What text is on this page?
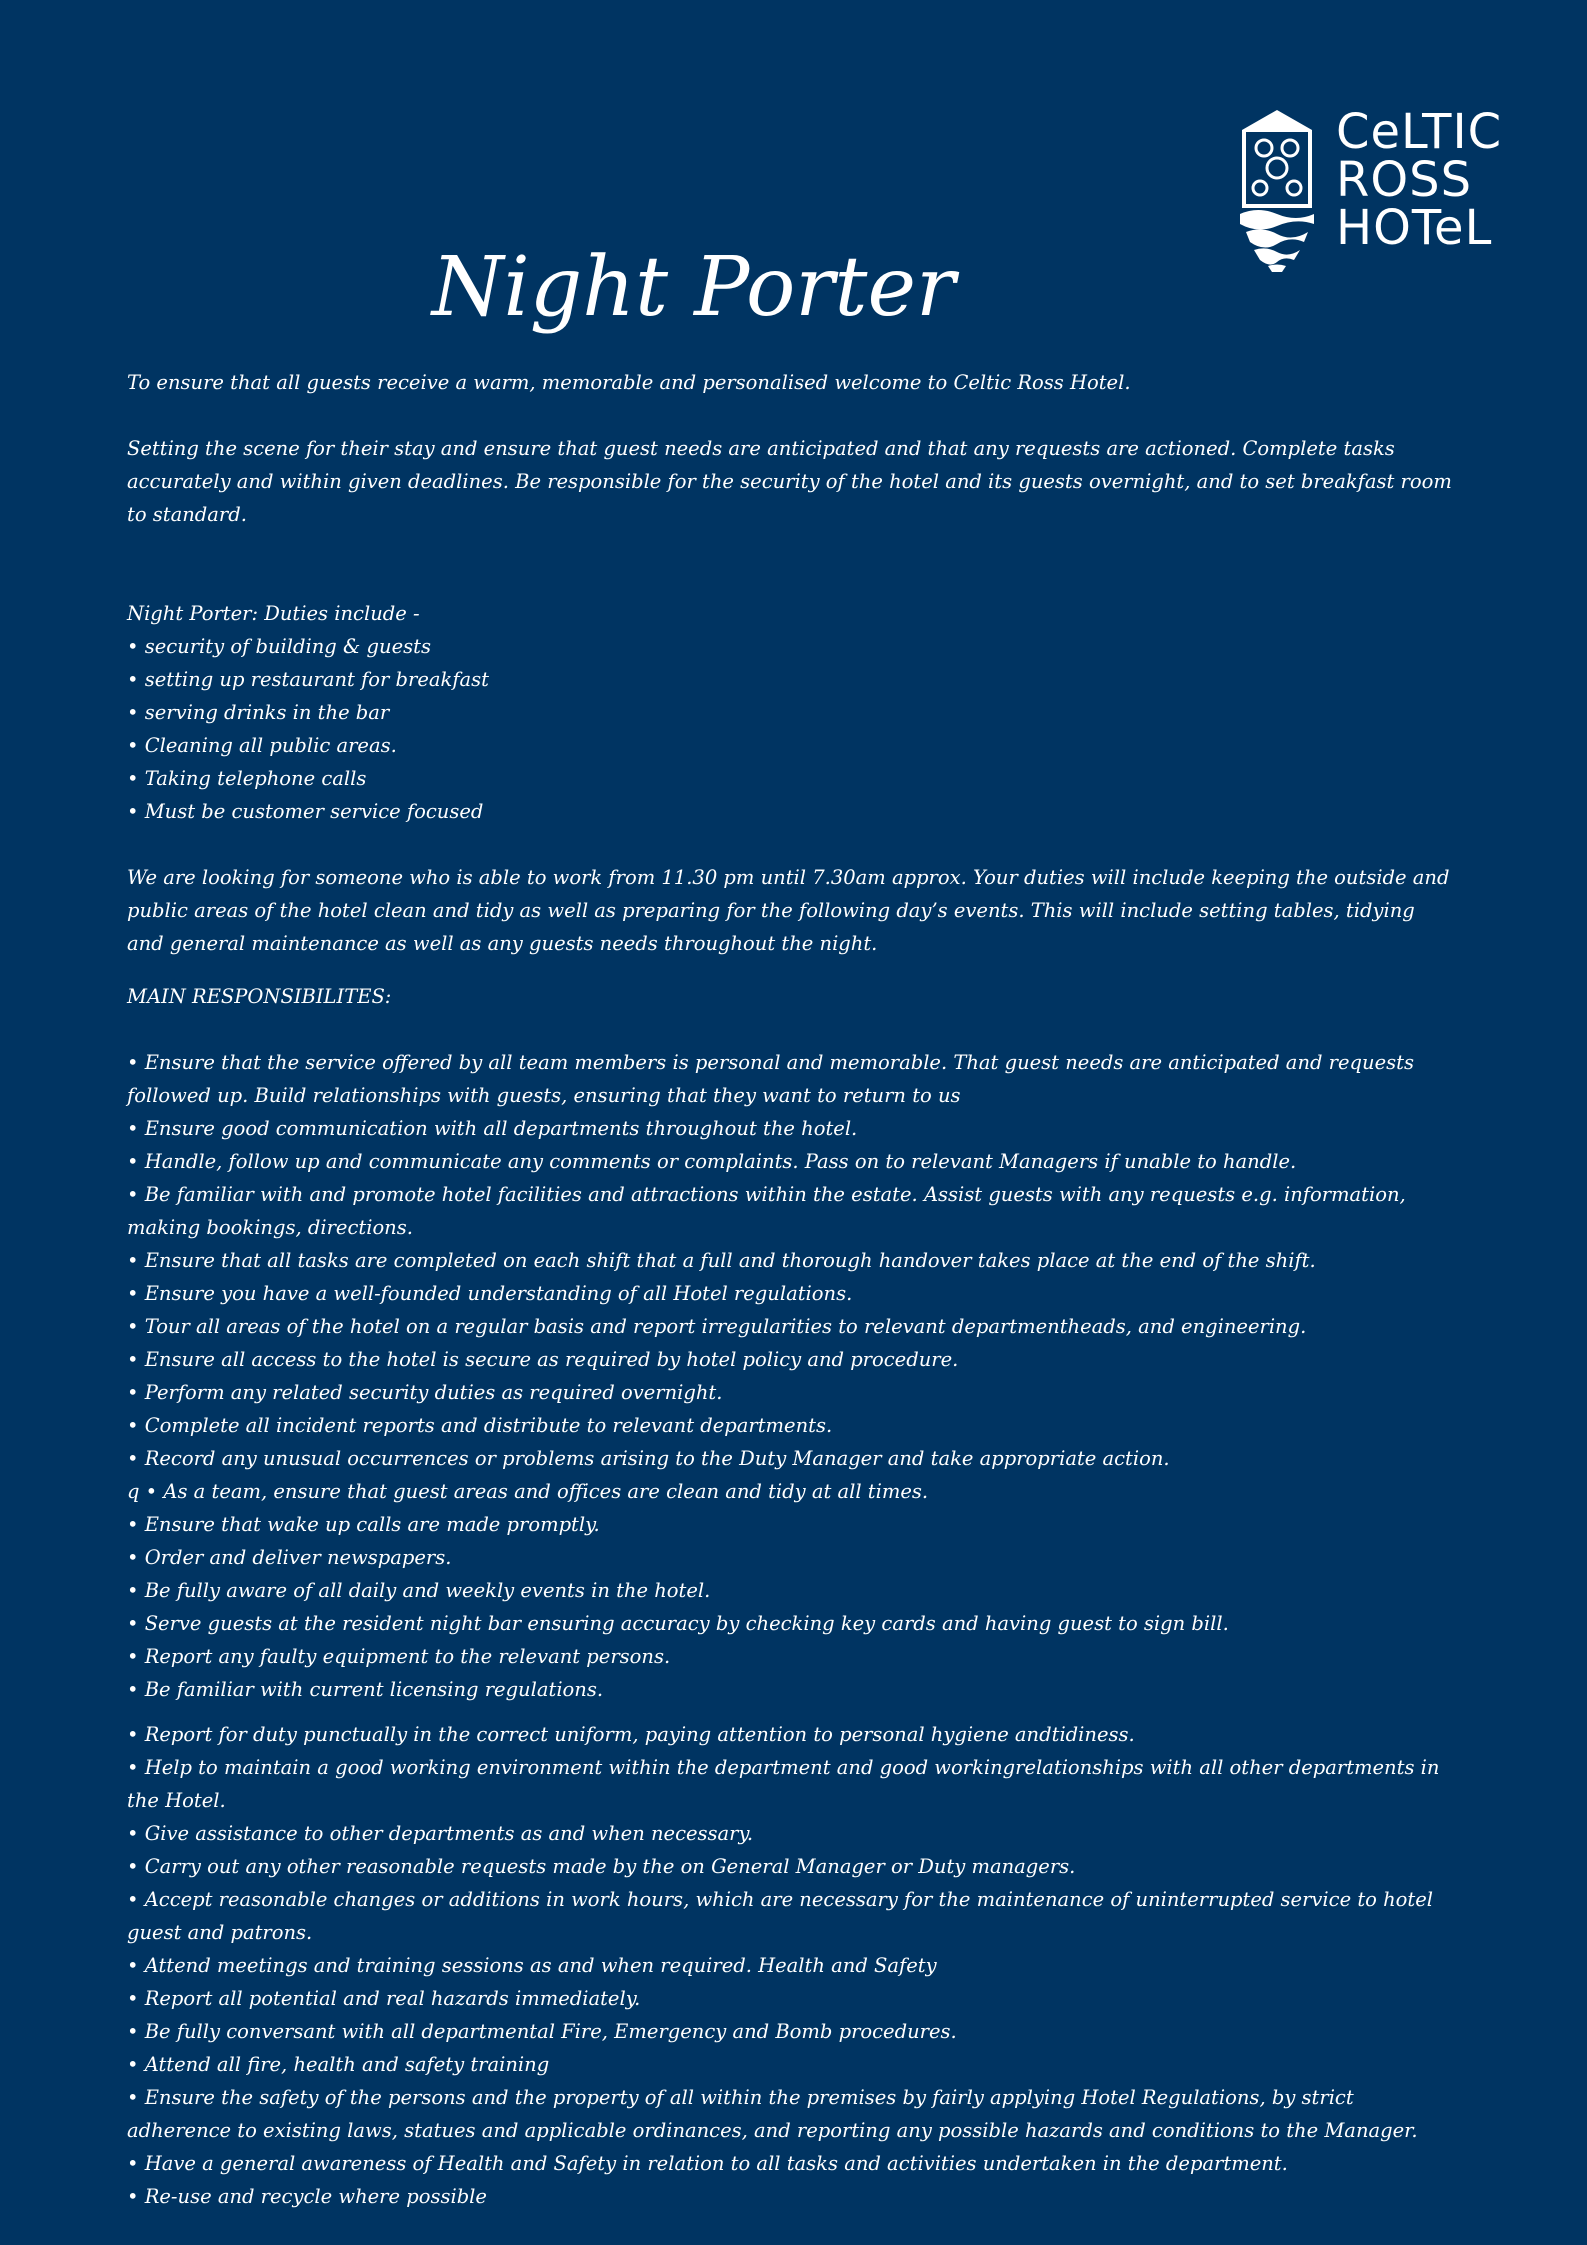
CeLTIC
ROSS
HOTeL
Night Porter

To ensure that all guests receive a warm, memorable and personalised welcome to Celtic Ross Hotel.

Setting the scene for their stay and ensure that guest needs are anticipated and that any requests are actioned. Complete tasks accurately and within given deadlines. Be responsible for the security of the hotel and its guests overnight, and to set breakfast room to standard.

Night Porter: Duties include -

• security of building & guests
• setting up restaurant for breakfast
• serving drinks in the bar
• Cleaning all public areas.
• Taking telephone calls
• Must be customer service focused

We are looking for someone who is able to work from 11.30 pm until 7.30am approx. Your duties will include keeping the outside and public areas of the hotel clean and tidy as well as preparing for the following day’s events. This will include setting tables, tidying and general maintenance as well as any guests needs throughout the night.

MAIN RESPONSIBILITES:

• Ensure that the service offered by all team members is personal and memorable. That guest needs are anticipated and requests followed up. Build relationships with guests, ensuring that they want to return to us
• Ensure good communication with all departments throughout the hotel.
• Handle, follow up and communicate any comments or complaints. Pass on to relevant Managers if unable to handle.
• Be familiar with and promote hotel facilities and attractions within the estate. Assist guests with any requests e.g. information, making bookings, directions.
• Ensure that all tasks are completed on each shift that a full and thorough handover takes place at the end of the shift.
• Ensure you have a well-founded understanding of all Hotel regulations.
• Tour all areas of the hotel on a regular basis and report irregularities to relevant departmentheads, and engineering.
• Ensure all access to the hotel is secure as required by hotel policy and procedure.
• Perform any related security duties as required overnight.
• Complete all incident reports and distribute to relevant departments.
• Record any unusual occurrences or problems arising to the Duty Manager and take appropriate action.
q • As a team, ensure that guest areas and offices are clean and tidy at all times.
• Ensure that wake up calls are made promptly.
• Order and deliver newspapers.
• Be fully aware of all daily and weekly events in the hotel.
• Serve guests at the resident night bar ensuring accuracy by checking key cards and having guest to sign bill.
• Report any faulty equipment to the relevant persons.
• Be familiar with current licensing regulations.
• Report for duty punctually in the correct uniform, paying attention to personal hygiene andtidiness.
• Help to maintain a good working environment within the department and good workingrelationships with all other departments in the Hotel.
• Give assistance to other departments as and when necessary.
• Carry out any other reasonable requests made by the on General Manager or Duty managers.
• Accept reasonable changes or additions in work hours, which are necessary for the maintenance of uninterrupted service to hotel guest and patrons.
• Attend meetings and training sessions as and when required. Health and Safety
• Report all potential and real hazards immediately.
• Be fully conversant with all departmental Fire, Emergency and Bomb procedures.
• Attend all fire, health and safety training
• Ensure the safety of the persons and the property of all within the premises by fairly applying Hotel Regulations, by strict adherence to existing laws, statues and applicable ordinances, and reporting any possible hazards and conditions to the Manager.
• Have a general awareness of Health and Safety in relation to all tasks and activities undertaken in the department.
• Re-use and recycle where possible
